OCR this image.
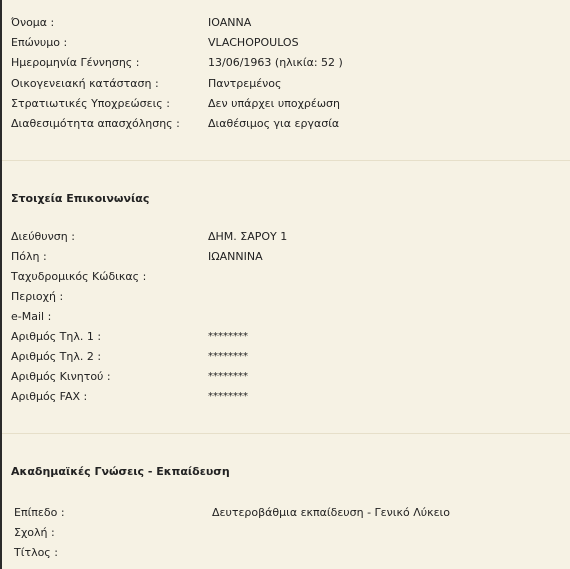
Όνομα :	IOANNA
Επώνυμο :	VLACHOPOULOS
Ημερομηνία Γέννησης :	13/06/1963 (ηλικία: 52 )
Οικογενειακή κατάσταση :	Παντρεμένος
Στρατιωτικές Υποχρεώσεις :	Δεν υπάρχει υποχρέωση
Διαθεσιμότητα απασχόλησης :	Διαθέσιμος για εργασία
Στοιχεία Επικοινωνίας
Διεύθυνση :	ΔΗΜ. ΣΑΡΟΥ 1
Πόλη :	ΙΩΑΝΝΙΝΑ
Ταχυδρομικός Κώδικας :
Περιοχή :
e-Mail :
Αριθμός Τηλ. 1 :	********
Αριθμός Τηλ. 2 :	********
Αριθμός Κινητού :	********
Αριθμός FAX :	********
Ακαδημαϊκές Γνώσεις - Εκπαίδευση
Επίπεδο :	Δευτεροβάθμια εκπαίδευση - Γενικό Λύκειο
Σχολή :
Τίτλος :
